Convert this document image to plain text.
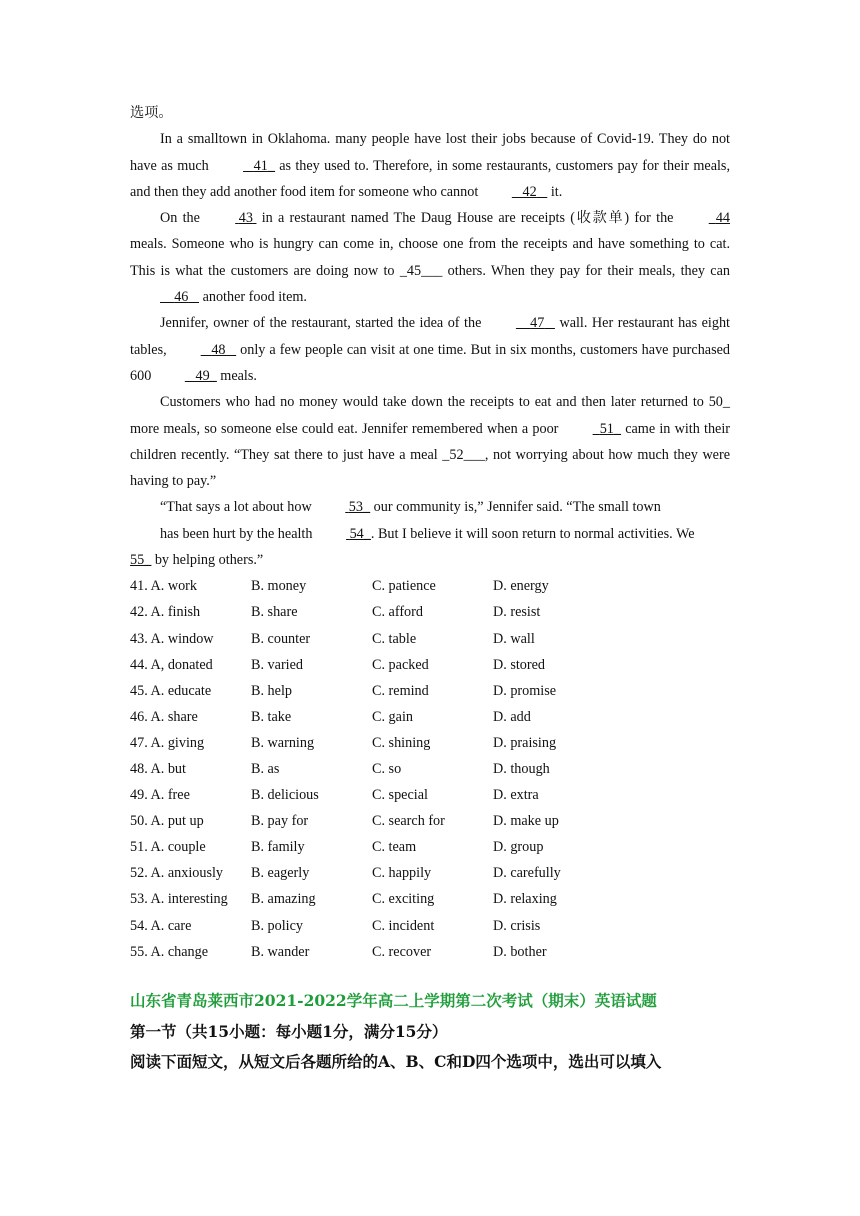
选项。

In a smalltown in Oklahoma. many people have lost their jobs because of Covid-19. They do not have as much	41_ as they used to. Therefore, in some restaurants, customers pay for their meals, and then they add another food item for someone who cannot	42    it.

On the  43  in a restaurant named The Daug House are receipts (收款单) for the	44 meals. Someone who is hungry can come in, choose one from the receipts and have something to cat. This is what the customers are doing now to _45___ others. When they pay for their meals, they can    46    another food item.

Jennifer, owner of the restaurant, started the idea of the	47    wall. Her restaurant has eight tables,	48    only a few people can visit at one time. But in six months, customers have purchased 600	49_ meals.

Customers who had no money would take down the receipts to eat and then later returned to 50_ more meals, so someone else could eat. Jennifer remembered when a poor	51_ came in with their children recently. “They sat there to just have a meal _52___, not worrying about how much they were having to pay.”

“That says a lot about how  53_ our community is,” Jennifer said. “The small town

has been hurt by the health  54_. But I believe it will soon return to normal activities. We

55_ by helping others.”

41. A. work	B. money	C. patience	D. energy
42. A. finish	B. share	C. afford	D. resist
43. A. window	B. counter	C. table	D. wall
44. A, donated	B. varied	C. packed	D. stored
45. A. educate	B. help	C. remind	D. promise
46. A. share	B. take	C. gain	D. add
47. A. giving	B. warning	C. shining	D. praising
48. A. but	B. as	C. so	D. though
49. A. free	B. delicious	C. special	D. extra
50. A. put up	B. pay for	C. search for	D. make up
51. A. couple	B. family	C. team	D. group
52. A. anxiously	B. eagerly	C. happily	D. carefully
53. A. interesting	B. amazing	C. exciting	D. relaxing
54. A. care	B. policy	C. incident	D. crisis
55. A. change	B. wander	C. recover	D. bother
山东省青岛莱西市2021-2022学年高二上学期第二次考试（期末）英语试题
第一节（共15小题：每小题1分，满分15分）
阅读下面短文，从短文后各题所给的A、B、C和D四个选项中，选出可以填入
